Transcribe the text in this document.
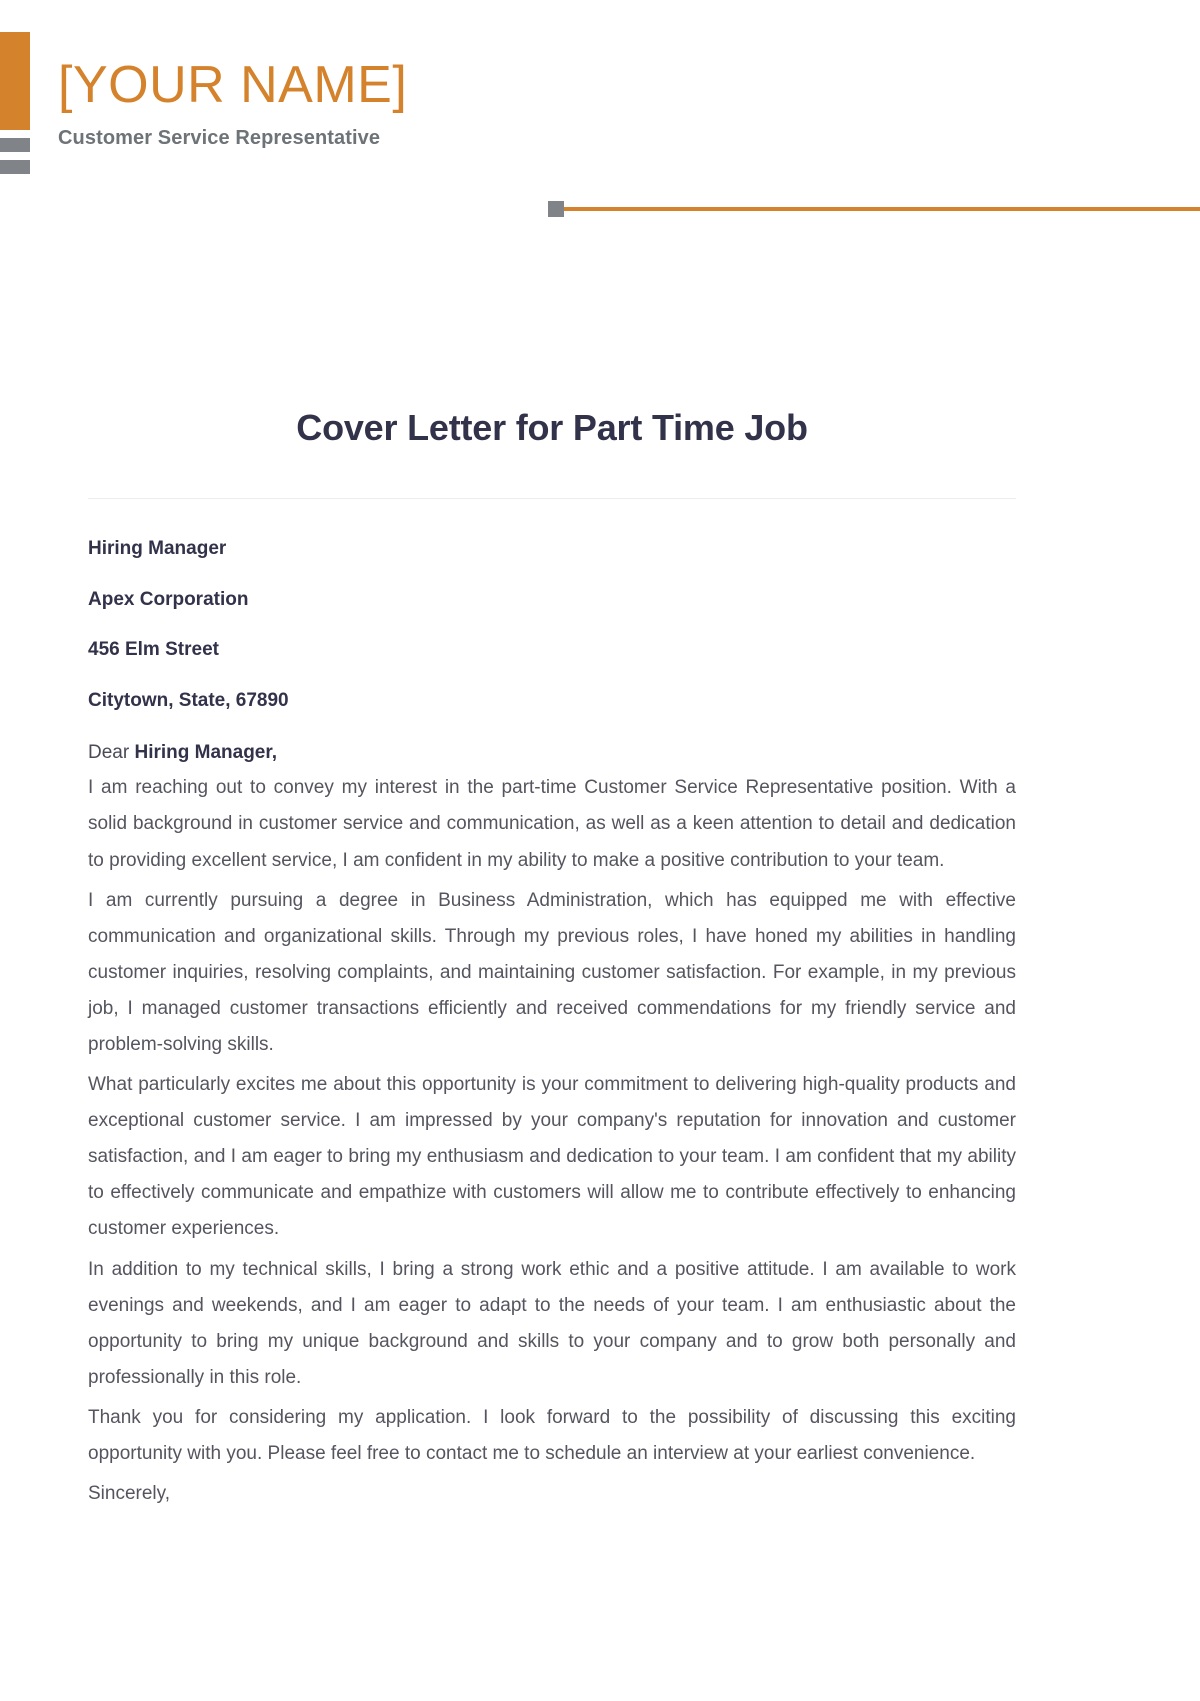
[YOUR NAME]
Customer Service Representative
Cover Letter for Part Time Job
Hiring Manager
Apex Corporation
456 Elm Street
Citytown, State, 67890
Dear Hiring Manager,

I am reaching out to convey my interest in the part-time Customer Service Representative position. With a solid background in customer service and communication, as well as a keen attention to detail and dedication to providing excellent service, I am confident in my ability to make a positive contribution to your team.

I am currently pursuing a degree in Business Administration, which has equipped me with effective communication and organizational skills. Through my previous roles, I have honed my abilities in handling customer inquiries, resolving complaints, and maintaining customer satisfaction. For example, in my previous job, I managed customer transactions efficiently and received commendations for my friendly service and problem-solving skills.

What particularly excites me about this opportunity is your commitment to delivering high-quality products and exceptional customer service. I am impressed by your company's reputation for innovation and customer satisfaction, and I am eager to bring my enthusiasm and dedication to your team. I am confident that my ability to effectively communicate and empathize with customers will allow me to contribute effectively to enhancing customer experiences.

In addition to my technical skills, I bring a strong work ethic and a positive attitude. I am available to work evenings and weekends, and I am eager to adapt to the needs of your team. I am enthusiastic about the opportunity to bring my unique background and skills to your company and to grow both personally and professionally in this role.

Thank you for considering my application. I look forward to the possibility of discussing this exciting opportunity with you. Please feel free to contact me to schedule an interview at your earliest convenience.

Sincerely,
